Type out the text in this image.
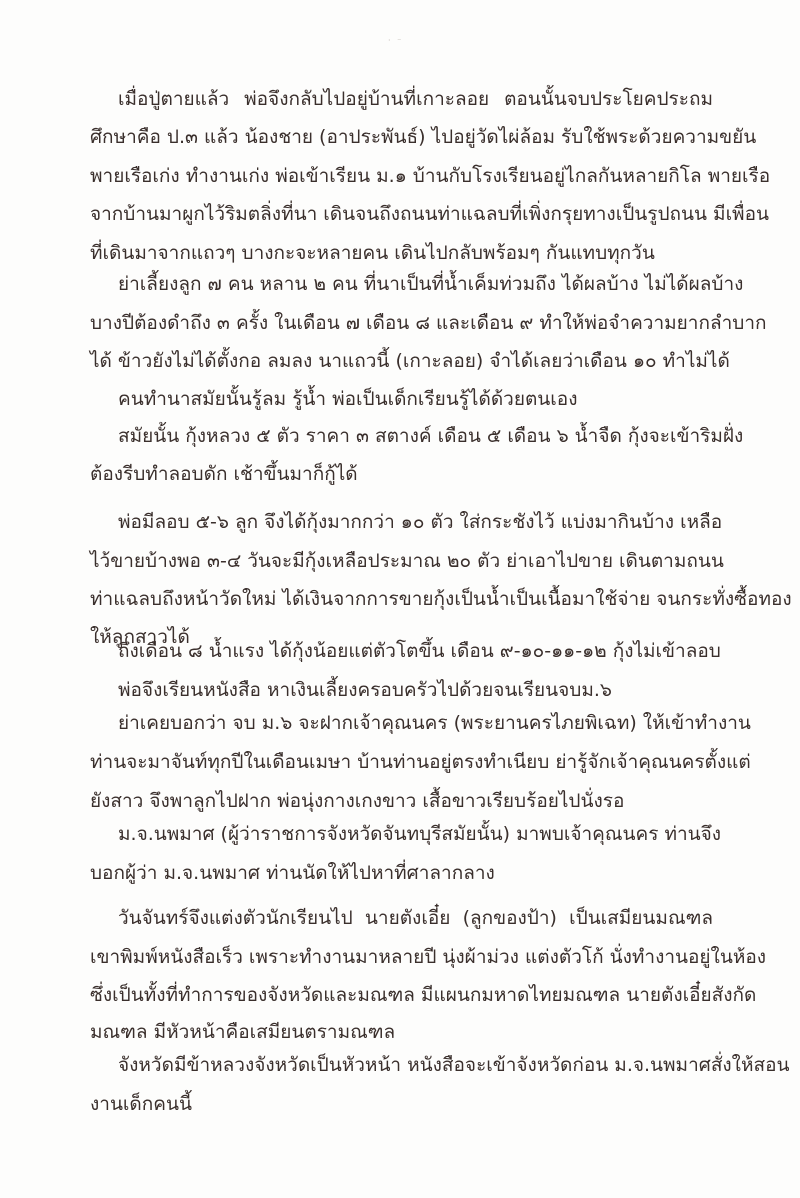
· ⁻
เมื่อปู่ตายแล้ว พ่อจึงกลับไปอยู่บ้านที่เกาะลอย ตอนนั้นจบประโยคประถม
ศึกษาคือ ป.๓ แล้ว น้องชาย (อาประพันธ์) ไปอยู่วัดไผ่ล้อม รับใช้พระด้วยความขยัน
พายเรือเก่ง ทำงานเก่ง พ่อเข้าเรียน ม.๑ บ้านกับโรงเรียนอยู่ไกลกันหลายกิโล พายเรือ
จากบ้านมาผูกไว้ริมตลิ่งที่นา เดินจนถึงถนนท่าแฉลบที่เพิ่งกรุยทางเป็นรูปถนน มีเพื่อน
ที่เดินมาจากแถวๆ บางกะจะหลายคน เดินไปกลับพร้อมๆ กันแทบทุกวัน
ย่าเลี้ยงลูก ๗ คน หลาน ๒ คน ที่นาเป็นที่น้ำเค็มท่วมถึง ได้ผลบ้าง ไม่ได้ผลบ้าง
บางปีต้องดำถึง ๓ ครั้ง ในเดือน ๗ เดือน ๘ และเดือน ๙ ทำให้พ่อจำความยากลำบาก
ได้ ข้าวยังไม่ได้ตั้งกอ ลมลง นาแถวนี้ (เกาะลอย) จำได้เลยว่าเดือน ๑๐ ทำไม่ได้
คนทำนาสมัยนั้นรู้ลม รู้น้ำ พ่อเป็นเด็กเรียนรู้ได้ด้วยตนเอง
สมัยนั้น กุ้งหลวง ๕ ตัว ราคา ๓ สตางค์ เดือน ๕ เดือน ๖ น้ำจืด กุ้งจะเข้าริมฝั่ง
ต้องรีบทำลอบดัก เช้าขึ้นมาก็กู้ได้
พ่อมีลอบ ๕-๖ ลูก จึงได้กุ้งมากกว่า ๑๐ ตัว ใส่กระชังไว้ แบ่งมากินบ้าง เหลือ
ไว้ขายบ้างพอ ๓-๔ วันจะมีกุ้งเหลือประมาณ ๒๐ ตัว ย่าเอาไปขาย เดินตามถนน
ท่าแฉลบถึงหน้าวัดใหม่ ได้เงินจากการขายกุ้งเป็นน้ำเป็นเนื้อมาใช้จ่าย จนกระทั่งซื้อทอง
ให้ลูกสาวได้
ถึงเดือน ๘ น้ำแรง ได้กุ้งน้อยแต่ตัวโตขึ้น เดือน ๙-๑๐-๑๑-๑๒ กุ้งไม่เข้าลอบ
พ่อจึงเรียนหนังสือ หาเงินเลี้ยงครอบครัวไปด้วยจนเรียนจบม.๖
ย่าเคยบอกว่า จบ ม.๖ จะฝากเจ้าคุณนคร (พระยานครไภยพิเฉท) ให้เข้าทำงาน
ท่านจะมาจันท์ทุกปีในเดือนเมษา บ้านท่านอยู่ตรงทำเนียบ ย่ารู้จักเจ้าคุณนครตั้งแต่
ยังสาว จึงพาลูกไปฝาก พ่อนุ่งกางเกงขาว เสื้อขาวเรียบร้อยไปนั่งรอ
ม.จ.นพมาศ (ผู้ว่าราชการจังหวัดจันทบุรีสมัยนั้น) มาพบเจ้าคุณนคร ท่านจึง
บอกผู้ว่า ม.จ.นพมาศ ท่านนัดให้ไปหาที่ศาลากลาง
วันจันทร์จึงแต่งตัวนักเรียนไป นายตังเอี๋ย (ลูกของป้า) เป็นเสมียนมณฑล
เขาพิมพ์หนังสือเร็ว เพราะทำงานมาหลายปี นุ่งผ้าม่วง แต่งตัวโก้ นั่งทำงานอยู่ในห้อง
ซึ่งเป็นทั้งที่ทำการของจังหวัดและมณฑล มีแผนกมหาดไทยมณฑล นายตังเอี๋ยสังกัด
มณฑล มีหัวหน้าคือเสมียนตรามณฑล
จังหวัดมีข้าหลวงจังหวัดเป็นหัวหน้า หนังสือจะเข้าจังหวัดก่อน ม.จ.นพมาศสั่งให้สอน
งานเด็กคนนี้
